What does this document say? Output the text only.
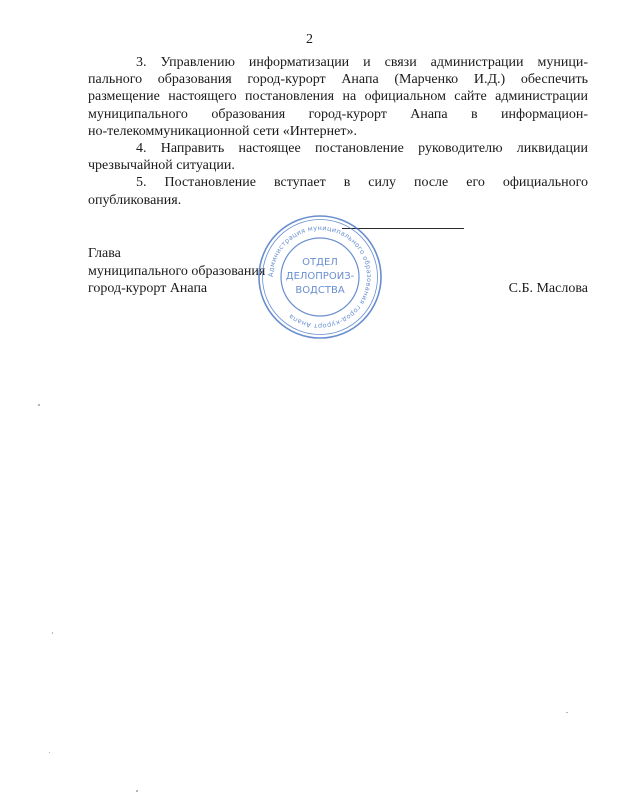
2
3. Управлению информатизации и связи администрации муници-
пального образования город-курорт Анапа (Марченко И.Д.) обеспечить
размещение настоящего постановления на официальном сайте администрации
муниципального образования город-курорт Анапа в информацион-
но-телекоммуникационной сети «Интернет».
4. Направить настоящее постановление руководителю ликвидации
чрезвычайной ситуации.
5. Постановление вступает в силу после его официального
опубликования.
Глава
муниципального образования
город-курорт Анапа	С.Б. Маслова
Администрация муниципального образования город-курорт Анапа
ОТДЕЛ
ДЕЛОПРОИЗ-
ВОДСТВА
